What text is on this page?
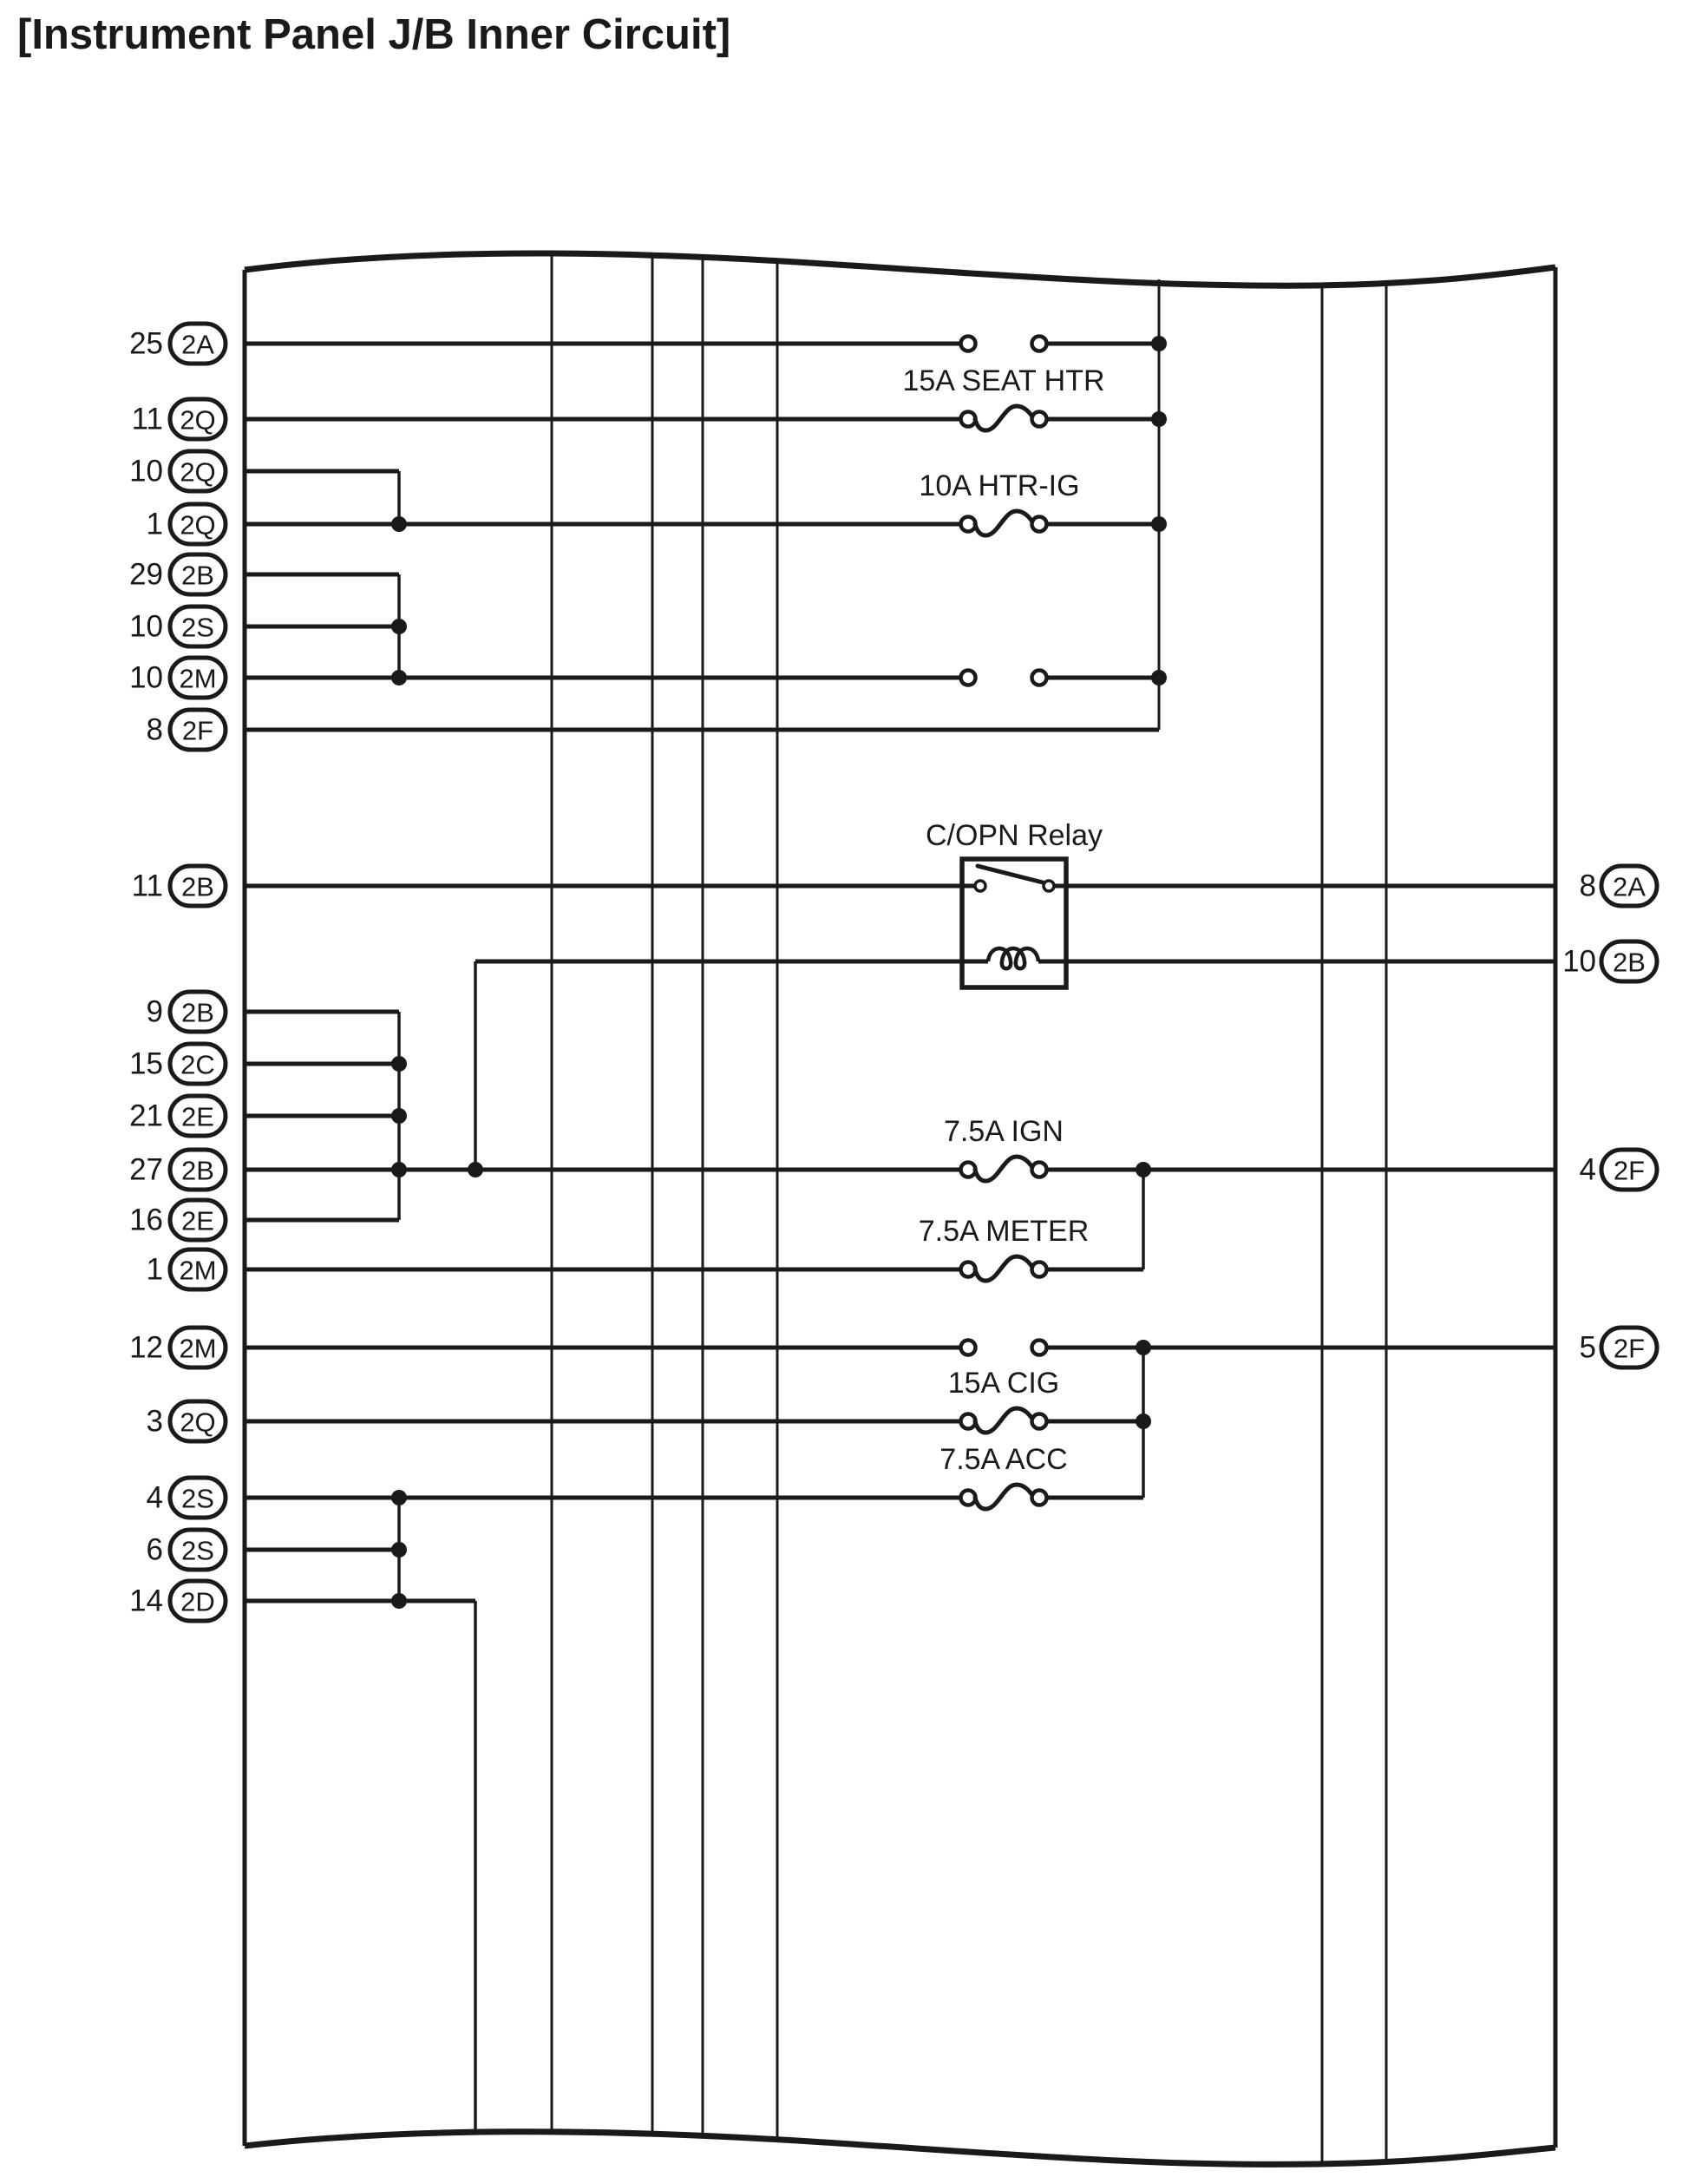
[Instrument Panel J/B Inner Circuit]
15A SEAT HTR
10A HTR-IG
7.5A IGN
7.5A METER
15A CIG
7.5A ACC
C/OPN Relay
25 2A
11 2Q
10 2Q
1 2Q
29 2B
10 2S
10 2M
8 2F
11 2B
9 2B
15 2C
21 2E
27 2B
16 2E
1 2M
12 2M
3 2Q
4 2S
6 2S
14 2D
8 2A
10 2B
4 2F
5 2F
